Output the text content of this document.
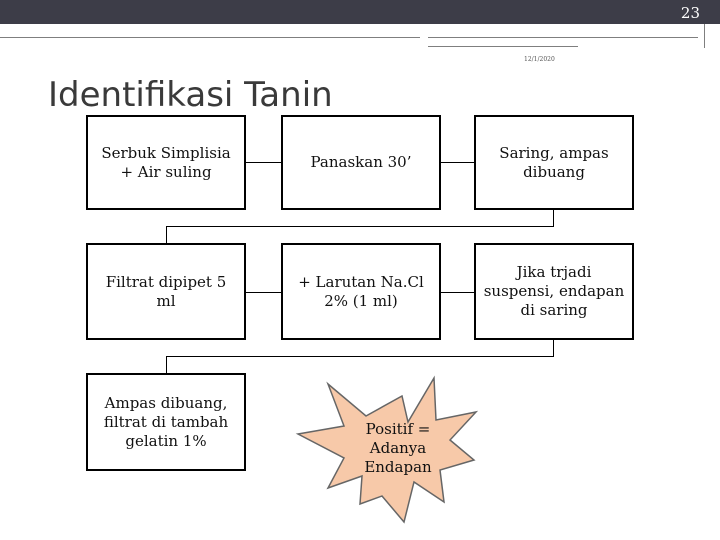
23
Identifikasi Tanin
12/1/2020
Serbuk Simplisia + Air suling
Panaskan 30’
Saring, ampas dibuang
Filtrat dipipet 5 ml
+ Larutan Na.Cl 2% (1 ml)
Jika trjadi suspensi, endapan di saring
Ampas dibuang, filtrat di tambah gelatin 1%
Positif = Adanya Endapan
